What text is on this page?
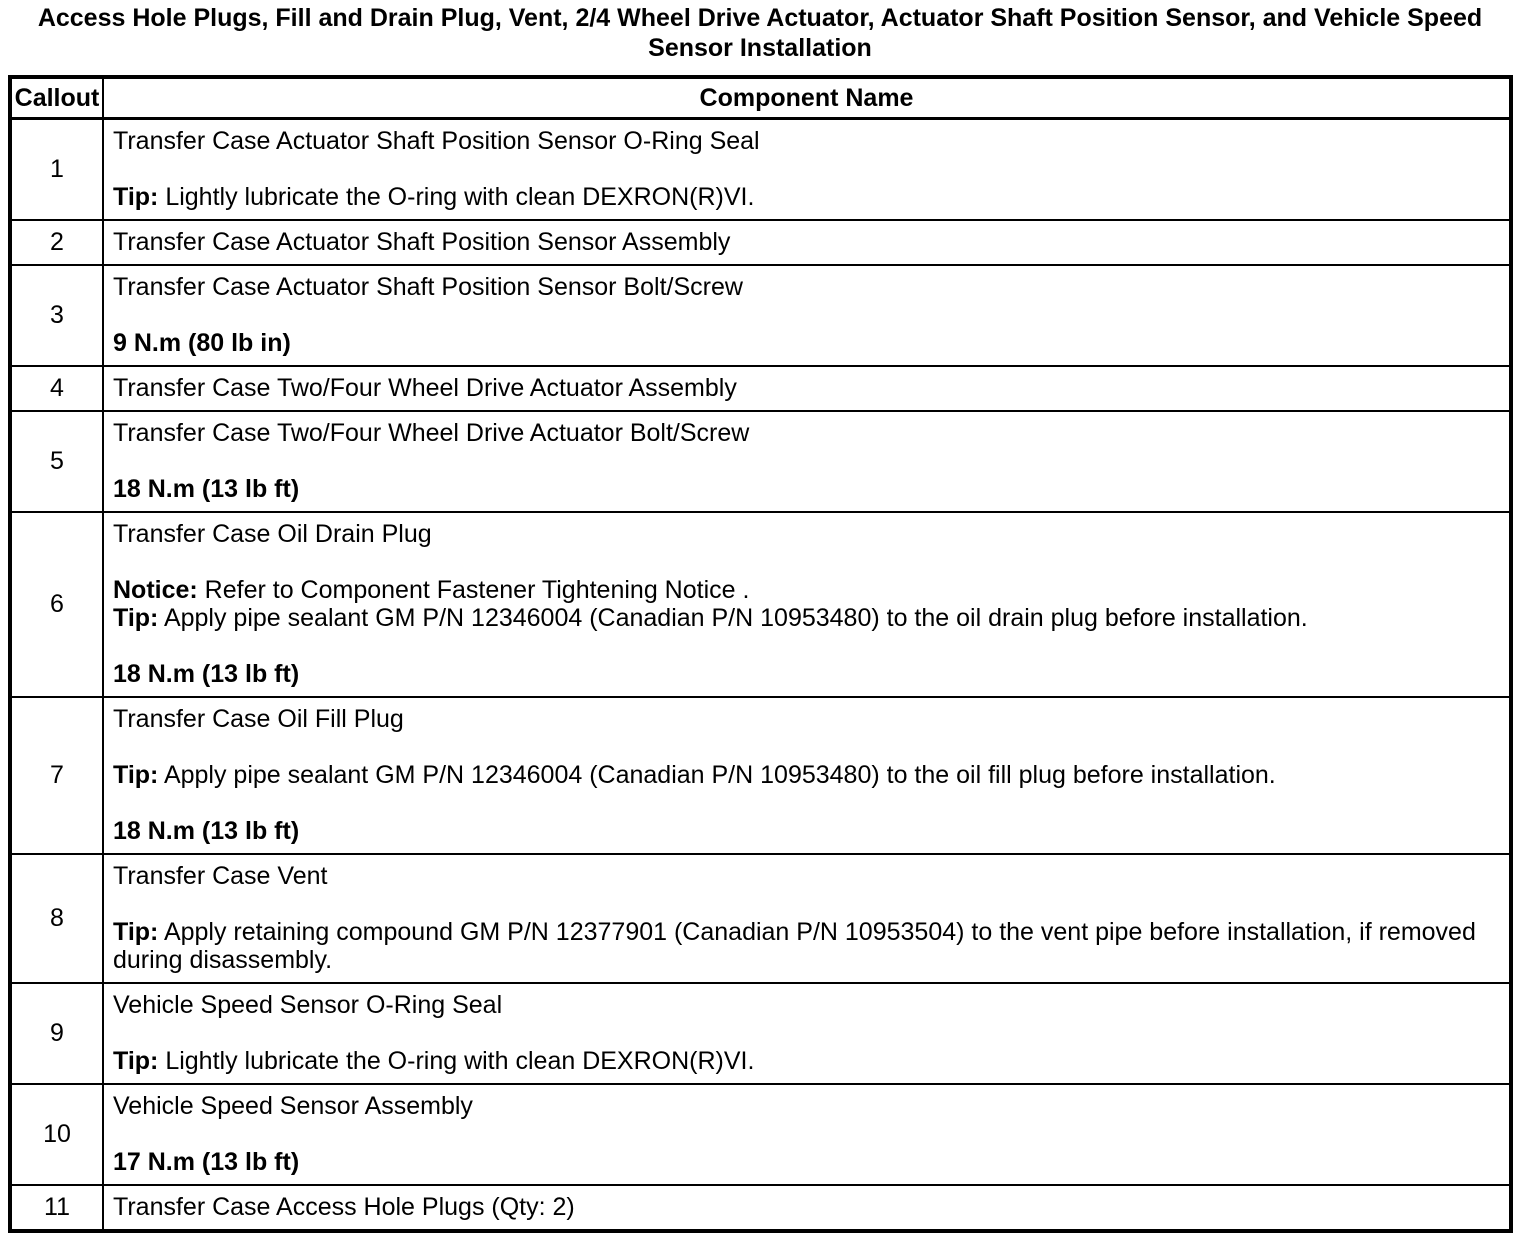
Access Hole Plugs, Fill and Drain Plug, Vent, 2/4 Wheel Drive Actuator, Actuator Shaft Position Sensor, and Vehicle Speed Sensor Installation
Callout	Component Name
1	Transfer Case Actuator Shaft Position Sensor O-Ring Seal
Tip: Lightly lubricate the O-ring with clean DEXRON(R)VI.

2	Transfer Case Actuator Shaft Position Sensor Assembly

3	Transfer Case Actuator Shaft Position Sensor Bolt/Screw
9 N.m (80 lb in)

4	Transfer Case Two/Four Wheel Drive Actuator Assembly

5	Transfer Case Two/Four Wheel Drive Actuator Bolt/Screw
18 N.m (13 lb ft)

6	Transfer Case Oil Drain Plug
Notice: Refer to Component Fastener Tightening Notice .
Tip: Apply pipe sealant GM P/N 12346004 (Canadian P/N 10953480) to the oil drain plug before installation.
18 N.m (13 lb ft)

7	Transfer Case Oil Fill Plug
Tip: Apply pipe sealant GM P/N 12346004 (Canadian P/N 10953480) to the oil fill plug before installation.
18 N.m (13 lb ft)

8	Transfer Case Vent
Tip: Apply retaining compound GM P/N 12377901 (Canadian P/N 10953504) to the vent pipe before installation, if removed during disassembly.

9	Vehicle Speed Sensor O-Ring Seal
Tip: Lightly lubricate the O-ring with clean DEXRON(R)VI.

10	Vehicle Speed Sensor Assembly
17 N.m (13 lb ft)

11	Transfer Case Access Hole Plugs (Qty: 2)
